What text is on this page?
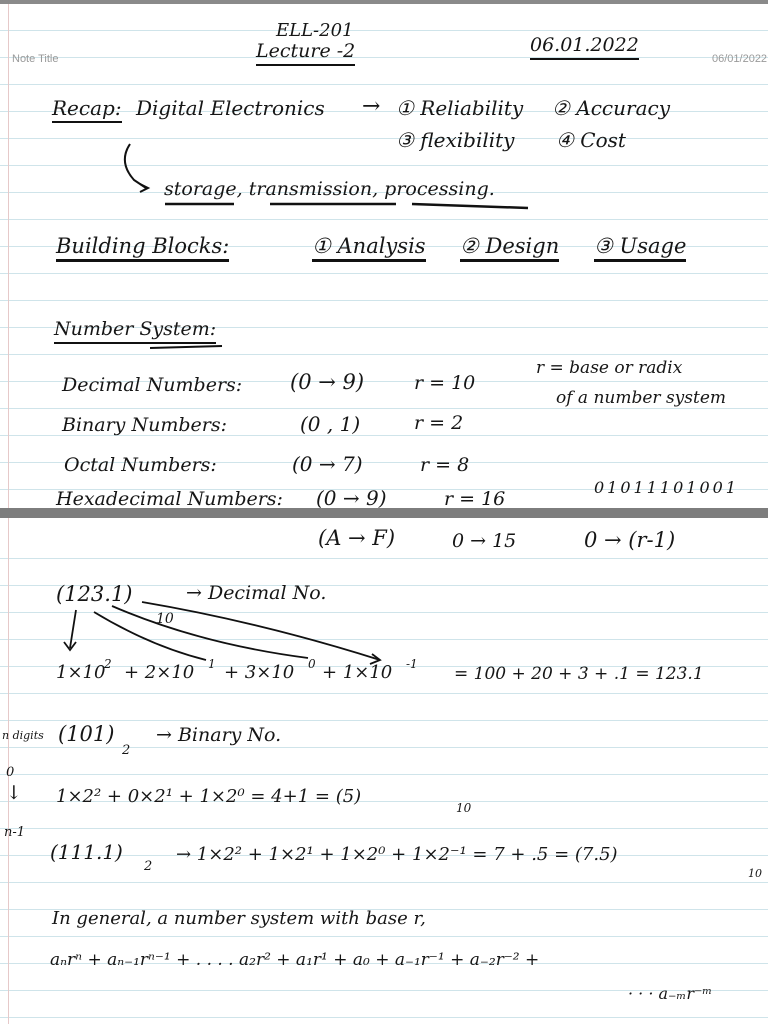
Note Title	06/01/2022
ELL-201
Lecture -2	06.01.2022
Recap: Digital Electronics → ① Reliability ② Accuracy
③ flexibility ④ Cost
storage, transmission, processing.
Building Blocks:	① Analysis ② Design ③ Usage
Number System:
Decimal Numbers: (0 → 9)	r = 10
Binary Numbers:	(0 , 1)	r = 2
Octal Numbers:	(0 → 7)	r = 8
Hexadecimal Numbers: (0 → 9)	r = 16
r = base or radix
of a number system
01011101001
(A → F)	0 → 15	0 → (r-1)
(123.1)	→ Decimal No.
10
1×10
2 + 2×10 1 + 3×10 0 + 1×10 -1 = 100 + 20 + 3 + .1 = 123.1
n digits (101)
2
→ Binary No.
0
↓
n-1
1×2² + 0×2¹ + 1×2⁰ = 4+1 = (5)
10
(111.1)
2
→ 1×2² + 1×2¹ + 1×2⁰ + 1×2⁻¹ = 7 + .5 = (7.5)
10
In general, a number system with base r,
aₙrⁿ + aₙ₋₁rⁿ⁻¹ + . . . . a₂r² + a₁r¹ + a₀ + a₋₁r⁻¹ + a₋₂r⁻² +
· · · a₋ₘr⁻ᵐ
